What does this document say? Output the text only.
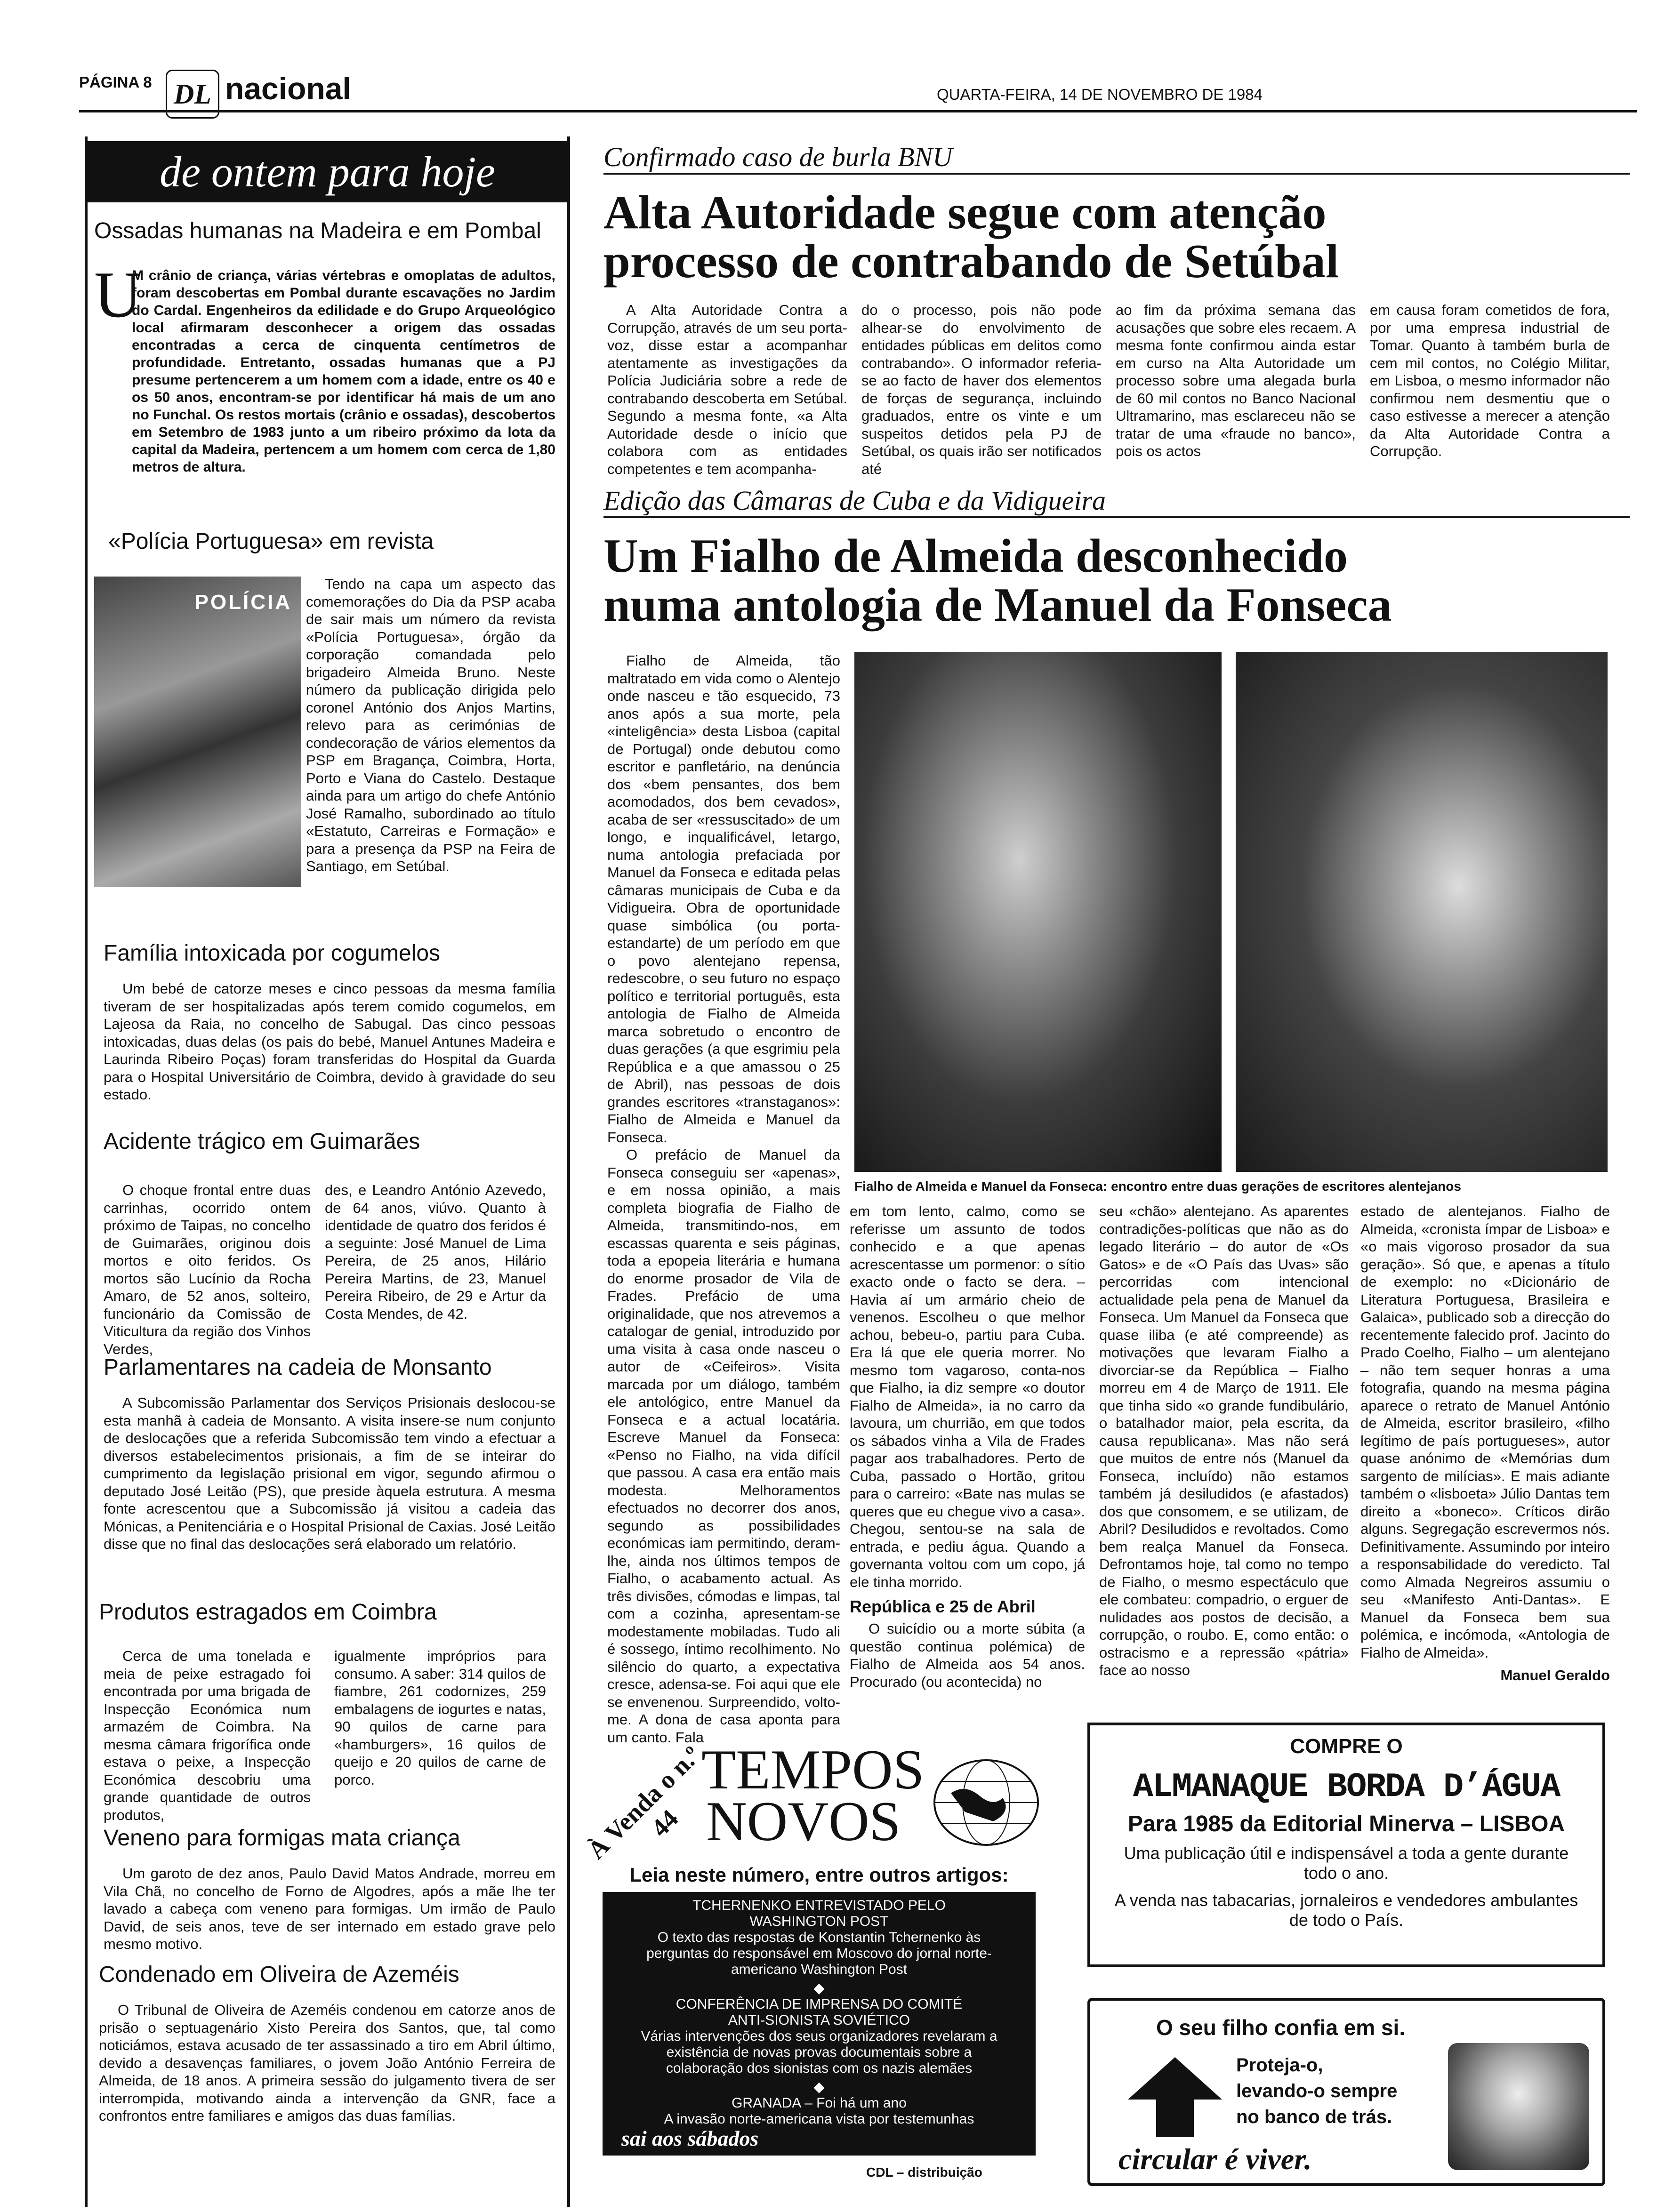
PÁGINA 8 DL nacional	QUARTA-FEIRA, 14 DE NOVEMBRO DE 1984
de ontem para hoje
Ossadas humanas na Madeira e em Pombal
U

M crânio de criança, várias vértebras e omoplatas de adultos, foram descobertas em Pombal durante escavações no Jardim do Cardal. Engenheiros da edilidade e do Grupo Arqueológico local afirmaram desconhecer a origem das ossadas encontradas a cerca de cinquenta centímetros de profundidade. Entretanto, ossadas humanas que a PJ presume pertencerem a um homem com a idade, entre os 40 e os 50 anos, encontram-se por identificar há mais de um ano no Funchal. Os restos mortais (crânio e ossadas), descobertos em Setembro de 1983 junto a um ribeiro próximo da lota da capital da Madeira, pertencem a um homem com cerca de 1,80 metros de altura.

«Polícia Portuguesa» em revista
POLÍCIA

Tendo na capa um aspecto das comemorações do Dia da PSP acaba de sair mais um número da revista «Polícia Portuguesa», órgão da corporação comandada pelo brigadeiro Almeida Bruno. Neste número da publicação dirigida pelo coronel António dos Anjos Martins, relevo para as cerimónias de condecoração de vários elementos da PSP em Bragança, Coimbra, Horta, Porto e Viana do Castelo. Destaque ainda para um artigo do chefe António José Ramalho, subordinado ao título «Estatuto, Carreiras e Formação» e para a presença da PSP na Feira de Santiago, em Setúbal.

Família intoxicada por cogumelos

Um bebé de catorze meses e cinco pessoas da mesma família tiveram de ser hospitalizadas após terem comido cogumelos, em Lajeosa da Raia, no concelho de Sabugal. Das cinco pessoas intoxicadas, duas delas (os pais do bebé, Manuel Antunes Madeira e Laurinda Ribeiro Poças) foram transferidas do Hospital da Guarda para o Hospital Universitário de Coimbra, devido à gravidade do seu estado.

Acidente trágico em Guimarães

O choque frontal entre duas carrinhas, ocorrido ontem próximo de Taipas, no concelho de Guimarães, originou dois mortos e oito feridos. Os mortos são Lucínio da Rocha Amaro, de 52 anos, solteiro, funcionário da Comissão de Viticultura da região dos Vinhos Verdes,

des, e Leandro António Azevedo, de 64 anos, viúvo. Quanto à identidade de quatro dos feridos é a seguinte: José Manuel de Lima Pereira, de 25 anos, Hilário Pereira Martins, de 23, Manuel Pereira Ribeiro, de 29 e Artur da Costa Mendes, de 42.

Parlamentares na cadeia de Monsanto

A Subcomissão Parlamentar dos Serviços Prisionais deslocou-se esta manhã à cadeia de Monsanto. A visita insere-se num conjunto de deslocações que a referida Subcomissão tem vindo a efectuar a diversos estabelecimentos prisionais, a fim de se inteirar do cumprimento da legislação prisional em vigor, segundo afirmou o deputado José Leitão (PS), que preside àquela estrutura. A mesma fonte acrescentou que a Subcomissão já visitou a cadeia das Mónicas, a Penitenciária e o Hospital Prisional de Caxias. José Leitão disse que no final das deslocações será elaborado um relatório.

Produtos estragados em Coimbra

Cerca de uma tonelada e meia de peixe estragado foi encontrada por uma brigada de Inspecção Económica num armazém de Coimbra. Na mesma câmara frigorífica onde estava o peixe, a Inspecção Económica descobriu uma grande quantidade de outros produtos,

igualmente impróprios para consumo. A saber: 314 quilos de fiambre, 261 codornizes, 259 embalagens de iogurtes e natas, 90 quilos de carne para «hamburgers», 16 quilos de queijo e 20 quilos de carne de porco.

Veneno para formigas mata criança

Um garoto de dez anos, Paulo David Matos Andrade, morreu em Vila Chã, no concelho de Forno de Algodres, após a mãe lhe ter lavado a cabeça com veneno para formigas. Um irmão de Paulo David, de seis anos, teve de ser internado em estado grave pelo mesmo motivo.

Condenado em Oliveira de Azeméis

O Tribunal de Oliveira de Azeméis condenou em catorze anos de prisão o septuagenário Xisto Pereira dos Santos, que, tal como noticiámos, estava acusado de ter assassinado a tiro em Abril último, devido a desavenças familiares, o jovem João António Ferreira de Almeida, de 18 anos. A primeira sessão do julgamento tivera de ser interrompida, motivando ainda a intervenção da GNR, face a confrontos entre familiares e amigos das duas famílias.

Confirmado caso de burla BNU
Alta Autoridade segue com atenção
processo de contrabando de Setúbal

A Alta Autoridade Contra a Corrupção, através de um seu porta-voz, disse estar a acompanhar atentamente as investigações da Polícia Judiciária sobre a rede de contrabando descoberta em Setúbal. Segundo a mesma fonte, «a Alta Autoridade desde o início que colabora com as entidades competentes e tem acompanha-

do o processo, pois não pode alhear-se do envolvimento de entidades públicas em delitos como contrabando». O informador referia-se ao facto de haver dos elementos de forças de segurança, incluindo graduados, entre os vinte e um suspeitos detidos pela PJ de Setúbal, os quais irão ser notificados até

ao fim da próxima semana das acusações que sobre eles recaem. A mesma fonte confirmou ainda estar em curso na Alta Autoridade um processo sobre uma alegada burla de 60 mil contos no Banco Nacional Ultramarino, mas esclareceu não se tratar de uma «fraude no banco», pois os actos

em causa foram cometidos de fora, por uma empresa industrial de Tomar. Quanto à também burla de cem mil contos, no Colégio Militar, em Lisboa, o mesmo informador não confirmou nem desmentiu que o caso estivesse a merecer a atenção da Alta Autoridade Contra a Corrupção.

Edição das Câmaras de Cuba e da Vidigueira
Um Fialho de Almeida desconhecido
numa antologia de Manuel da Fonseca

Fialho de Almeida, tão maltratado em vida como o Alentejo onde nasceu e tão esquecido, 73 anos após a sua morte, pela «inteligência» desta Lisboa (capital de Portugal) onde debutou como escritor e panfletário, na denúncia dos «bem pensantes, dos bem acomodados, dos bem cevados», acaba de ser «ressuscitado» de um longo, e inqualificável, letargo, numa antologia prefaciada por Manuel da Fonseca e editada pelas câmaras municipais de Cuba e da Vidigueira. Obra de oportunidade quase simbólica (ou porta-estandarte) de um período em que o povo alentejano repensa, redescobre, o seu futuro no espaço político e territorial português, esta antologia de Fialho de Almeida marca sobretudo o encontro de duas gerações (a que esgrimiu pela República e a que amassou o 25 de Abril), nas pessoas de dois grandes escritores «transtaganos»: Fialho de Almeida e Manuel da Fonseca.

O prefácio de Manuel da Fonseca conseguiu ser «apenas», e em nossa opinião, a mais completa biografia de Fialho de Almeida, transmitindo-nos, em escassas quarenta e seis páginas, toda a epopeia literária e humana do enorme prosador de Vila de Frades. Prefácio de uma originalidade, que nos atrevemos a catalogar de genial, introduzido por uma visita à casa onde nasceu o autor de «Ceifeiros». Visita marcada por um diálogo, também ele antológico, entre Manuel da Fonseca e a actual locatária. Escreve Manuel da Fonseca: «Penso no Fialho, na vida difícil que passou. A casa era então mais modesta. Melhoramentos efectuados no decorrer dos anos, segundo as possibilidades económicas iam permitindo, deram-lhe, ainda nos últimos tempos de Fialho, o acabamento actual. As três divisões, cómodas e limpas, tal com a cozinha, apresentam-se modestamente mobiladas. Tudo ali é sossego, íntimo recolhimento. No silêncio do quarto, a expectativa cresce, adensa-se. Foi aqui que ele se envenenou. Surpreendido, volto-me. A dona de casa aponta para um canto. Fala

Fialho de Almeida e Manuel da Fonseca: encontro entre duas gerações de escritores alentejanos

em tom lento, calmo, como se referisse um assunto de todos conhecido e a que apenas acrescentasse um pormenor: o sítio exacto onde o facto se dera. – Havia aí um armário cheio de venenos. Escolheu o que melhor achou, bebeu-o, partiu para Cuba. Era lá que ele queria morrer. No mesmo tom vagaroso, conta-nos que Fialho, ia diz sempre «o doutor Fialho de Almeida», ia no carro da lavoura, um churrião, em que todos os sábados vinha a Vila de Frades pagar aos trabalhadores. Perto de Cuba, passado o Hortão, gritou para o carreiro: «Bate nas mulas se queres que eu chegue vivo a casa». Chegou, sentou-se na sala de entrada, e pediu água. Quando a governanta voltou com um copo, já ele tinha morrido.

República e 25 de Abril

O suicídio ou a morte súbita (a questão continua polémica) de Fialho de Almeida aos 54 anos. Procurado (ou acontecida) no

seu «chão» alentejano. As aparentes contradições-políticas que não as do legado literário – do autor de «Os Gatos» e de «O País das Uvas» são percorridas com intencional actualidade pela pena de Manuel da Fonseca. Um Manuel da Fonseca que quase iliba (e até compreende) as motivações que levaram Fialho a divorciar-se da República – Fialho morreu em 4 de Março de 1911. Ele que tinha sido «o grande fundibulário, o batalhador maior, pela escrita, da causa republicana». Mas não será que muitos de entre nós (Manuel da Fonseca, incluído) não estamos também já desiludidos (e afastados) dos que consomem, e se utilizam, de Abril? Desiludidos e revoltados. Como bem realça Manuel da Fonseca. Defrontamos hoje, tal como no tempo de Fialho, o mesmo espectáculo que ele combateu: compadrio, o erguer de nulidades aos postos de decisão, a corrupção, o roubo. E, como então: o ostracismo e a repressão «pátria» face ao nosso

estado de alentejanos. Fialho de Almeida, «cronista ímpar de Lisboa» e «o mais vigoroso prosador da sua geração». Só que, e apenas a título de exemplo: no «Dicionário de Literatura Portuguesa, Brasileira e Galaica», publicado sob a direcção do recentemente falecido prof. Jacinto do Prado Coelho, Fialho – um alentejano – não tem sequer honras a uma fotografia, quando na mesma página aparece o retrato de Manuel António de Almeida, escritor brasileiro, «filho legítimo de país portugueses», autor quase anónimo de «Memórias dum sargento de milícias». E mais adiante também o «lisboeta» Júlio Dantas tem direito a «boneco». Críticos dirão alguns. Segregação escrevermos nós. Definitivamente. Assumindo por inteiro a responsabilidade do veredicto. Tal como Almada Negreiros assumiu o seu «Manifesto Anti-Dantas». E Manuel da Fonseca bem sua polémica, e incómoda, «Antologia de Fialho de Almeida».

Manuel Geraldo
À Venda o n.º 44
TEMPOS
NOVOS
Leia neste número, entre outros artigos:
TCHERNENKO ENTREVISTADO PELO WASHINGTON POST
O texto das respostas de Konstantin Tchernenko às perguntas do responsável em Moscovo do jornal norte-americano Washington Post
◆
CONFERÊNCIA DE IMPRENSA DO COMITÉ ANTI-SIONISTA SOVIÉTICO
Várias intervenções dos seus organizadores revelaram a existência de novas provas documentais sobre a colaboração dos sionistas com os nazis alemães
◆
GRANADA – Foi há um ano
A invasão norte-americana vista por testemunhas
sai aos sábados
CDL – distribuição
COMPRE O
ALMANAQUE BORDA D’ÁGUA
Para 1985 da Editorial Minerva – LISBOA
Uma publicação útil e indispensável a toda a gente durante todo o ano.
A venda nas tabacarias, jornaleiros e vendedores ambulantes de todo o País.
O seu filho confia em si.
Proteja-o,
levando-o sempre
no banco de trás.
circular é viver.
